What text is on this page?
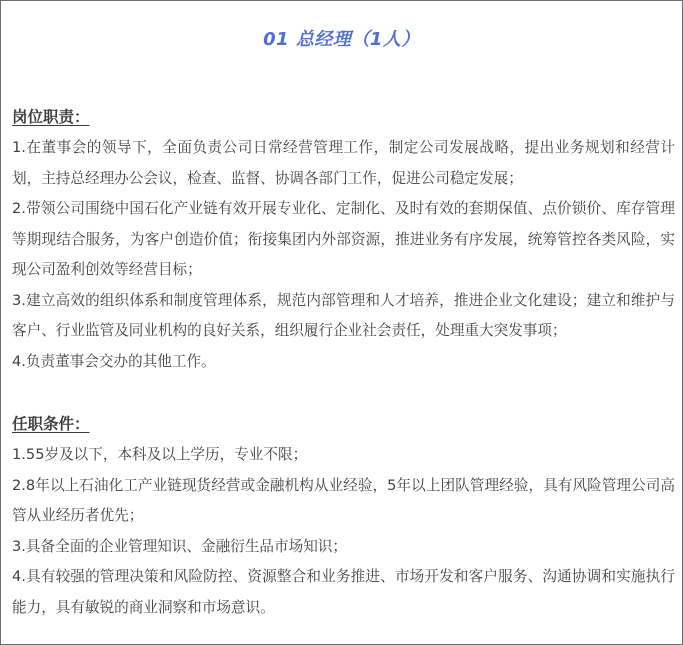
01 总经理（1人）
岗位职责：

1.在董事会的领导下，全面负责公司日常经营管理工作，制定公司发展战略，提出业务规划和经营计划，主持总经理办公会议，检查、监督、协调各部门工作，促进公司稳定发展；

2.带领公司围绕中国石化产业链有效开展专业化、定制化、及时有效的套期保值、点价锁价、库存管理等期现结合服务，为客户创造价值；衔接集团内外部资源，推进业务有序发展，统筹管控各类风险，实现公司盈利创效等经营目标；

3.建立高效的组织体系和制度管理体系，规范内部管理和人才培养，推进企业文化建设；建立和维护与客户、行业监管及同业机构的良好关系，组织履行企业社会责任，处理重大突发事项；

4.负责董事会交办的其他工作。

任职条件：

1.55岁及以下，本科及以上学历，专业不限；

2.8年以上石油化工产业链现货经营或金融机构从业经验，5年以上团队管理经验，具有风险管理公司高管从业经历者优先；

3.具备全面的企业管理知识、金融衍生品市场知识；

4.具有较强的管理决策和风险防控、资源整合和业务推进、市场开发和客户服务、沟通协调和实施执行能力，具有敏锐的商业洞察和市场意识。
